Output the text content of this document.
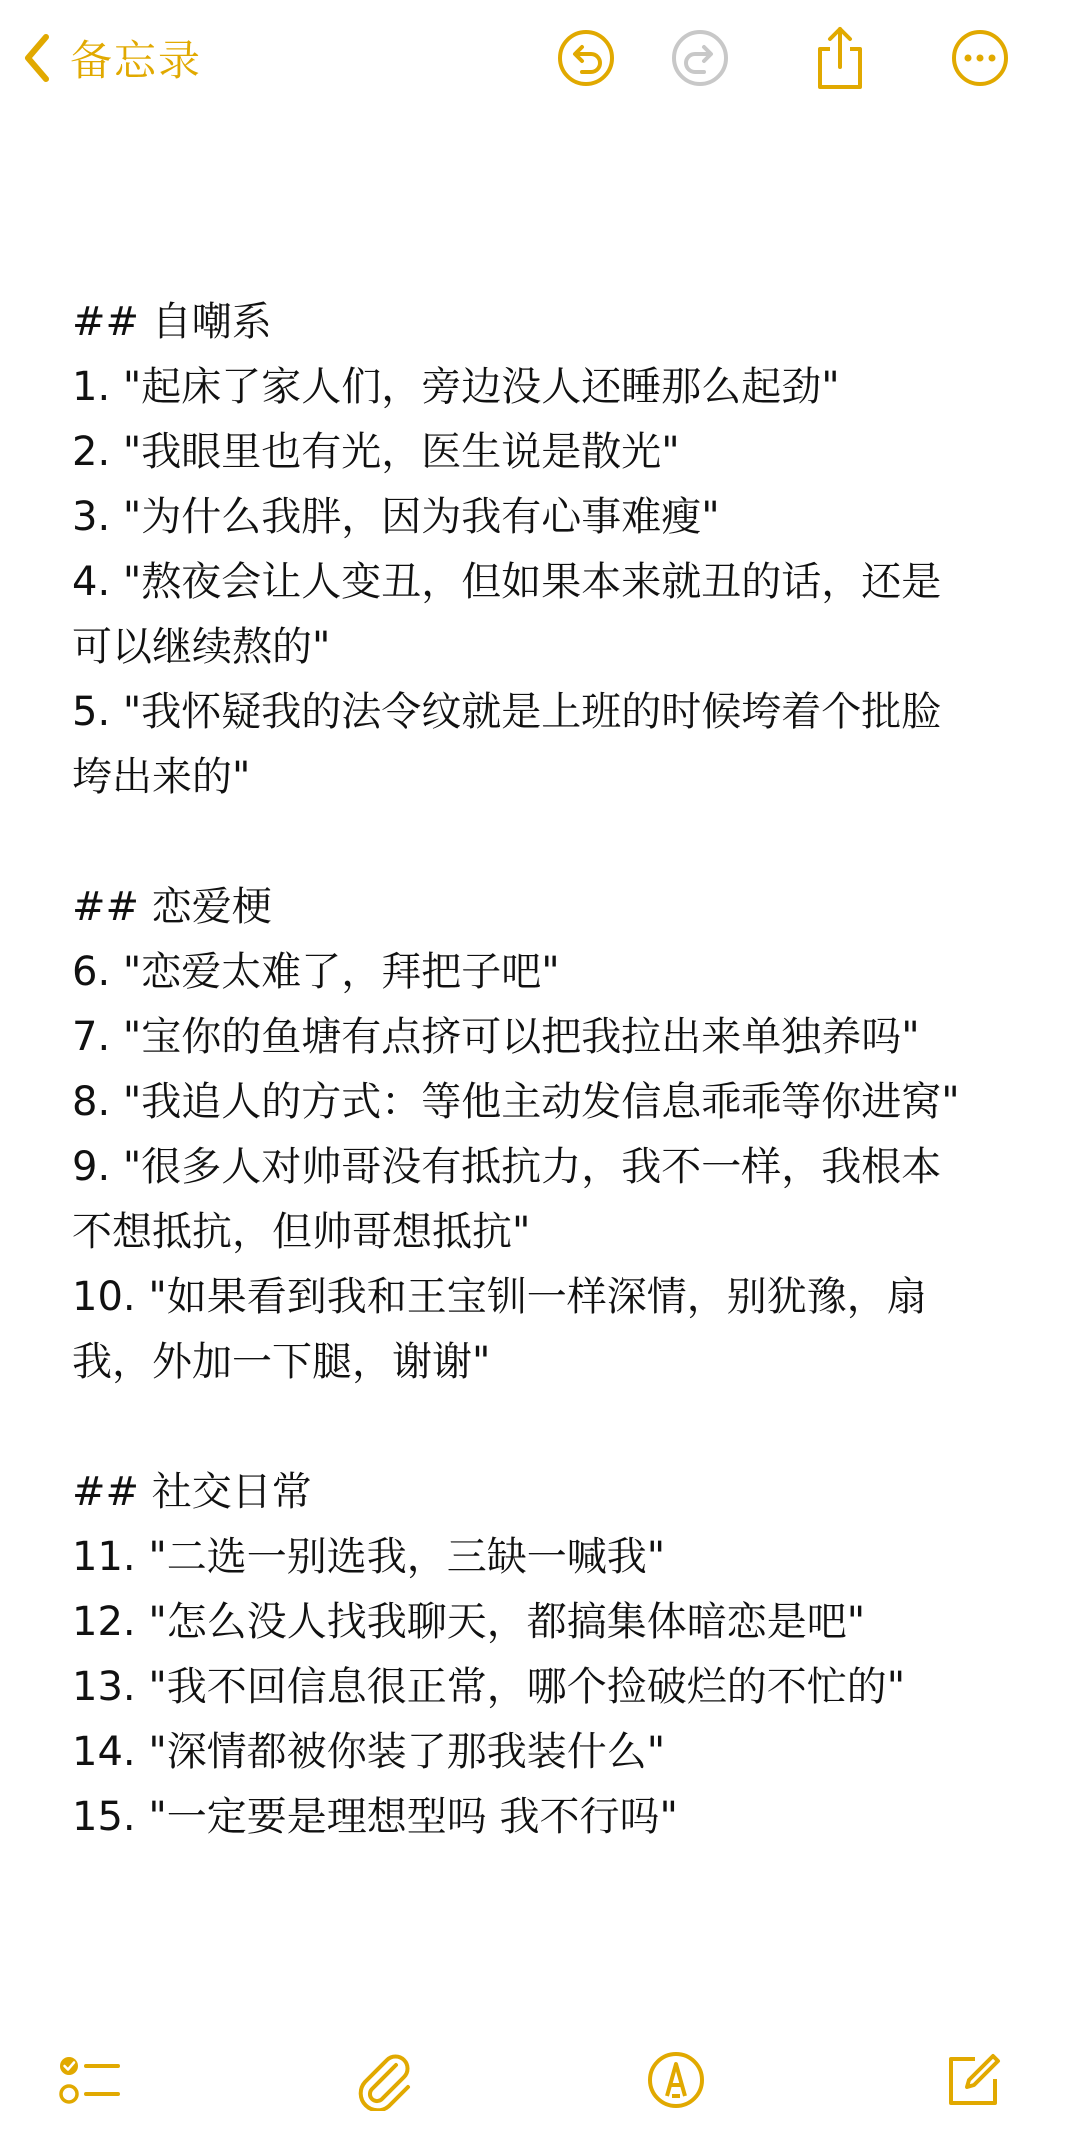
备忘录
## 自嘲系
1. "起床了家人们，旁边没人还睡那么起劲"
2. "我眼里也有光，医生说是散光"
3. "为什么我胖，因为我有心事难瘦"
4. "熬夜会让人变丑，但如果本来就丑的话，还是
可以继续熬的"
5. "我怀疑我的法令纹就是上班的时候垮着个批脸
垮出来的"
## 恋爱梗
6. "恋爱太难了，拜把子吧"
7. "宝你的鱼塘有点挤可以把我拉出来单独养吗"
8. "我追人的方式：等他主动发信息乖乖等你进窝"
9. "很多人对帅哥没有抵抗力，我不一样，我根本
不想抵抗，但帅哥想抵抗"
10. "如果看到我和王宝钏一样深情，别犹豫，扇
我，外加一下腿，谢谢"
## 社交日常
11. "二选一别选我，三缺一喊我"
12. "怎么没人找我聊天，都搞集体暗恋是吧"
13. "我不回信息很正常，哪个捡破烂的不忙的"
14. "深情都被你装了那我装什么"
15. "一定要是理想型吗 我不行吗"
